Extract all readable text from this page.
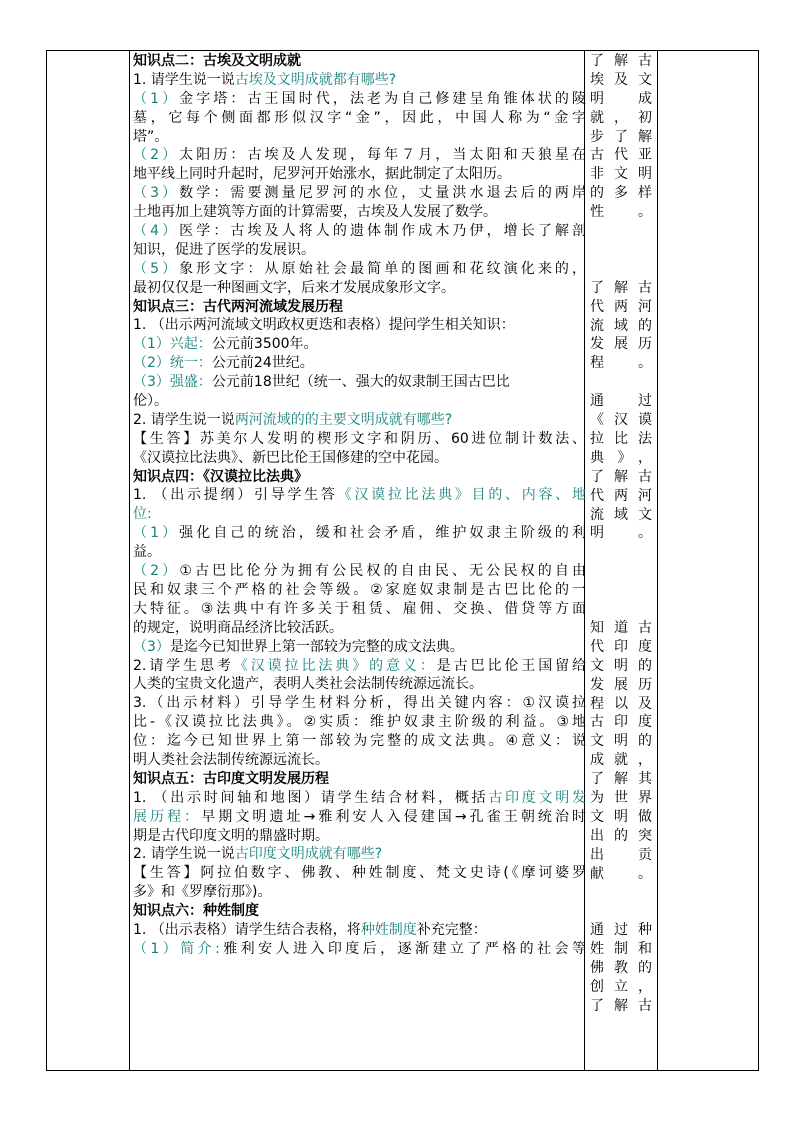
知识点二：古埃及文明成就
1. 请学生说一说古埃及文明成就都有哪些?
（1）金字塔：古王国时代，法老为自己修建呈角锥体状的陵
墓，它每个侧面都形似汉字“金”，因此，中国人称为“金字
塔”。
（2）太阳历：古埃及人发现，每年７月，当太阳和天狼星在
地平线上同时升起时，尼罗河开始涨水，据此制定了太阳历。
（3）数学：需要测量尼罗河的水位，丈量洪水退去后的两岸
土地再加上建筑等方面的计算需要，古埃及人发展了数学。
（4）医学：古埃及人将人的遗体制作成木乃伊，增长了解剖
知识，促进了医学的发展识。
（5）象形文字：从原始社会最简单的图画和花纹演化来的，
最初仅仅是一种图画文字，后来才发展成象形文字。
知识点三：古代两河流域发展历程
1. （出示两河流域文明政权更迭和表格）提问学生相关知识：
（1）兴起：公元前3500年。
（2）统一：公元前24世纪。
（3）强盛：公元前18世纪（统一、强大的奴隶制王国古巴比
伦）。
2. 请学生说一说两河流域的的主要文明成就有哪些?
【生答】苏美尔人发明的楔形文字和阴历、60进位制计数法、
《汉谟拉比法典》、新巴比伦王国修建的空中花园。
知识点四：《汉谟拉比法典》
1. （出示提纲）引导学生答《汉谟拉比法典》目的、内容、地
位:
（1）强化自己的统治，缓和社会矛盾，维护奴隶主阶级的利
益。
（2）①古巴比伦分为拥有公民权的自由民、无公民权的自由
民和奴隶三个严格的社会等级。②家庭奴隶制是古巴比伦的一
大特征。③法典中有许多关于租赁、雇佣、交换、借贷等方面
的规定，说明商品经济比较活跃。
（3）是迄今已知世界上第一部较为完整的成文法典。
2.请学生思考《汉谟拉比法典》的意义：是古巴比伦王国留给
人类的宝贵文化遗产，表明人类社会法制传统源远流长。
3.（出示材料）引导学生材料分析，得出关键内容：①汉谟拉
比-《汉谟拉比法典》。②实质：维护奴隶主阶级的利益。③地
位：迄今已知世界上第一部较为完整的成文法典。④意义：说
明人类社会法制传统源远流长。
知识点五：古印度文明发展历程
1. （出示时间轴和地图）请学生结合材料，概括古印度文明发
展历程：早期文明遗址→雅利安人入侵建国→孔雀王朝统治时
期是古代印度文明的鼎盛时期。
2. 请学生说一说古印度文明成就有哪些?
【生答】阿拉伯数字、佛教、种姓制度、梵文史诗(《摩诃婆罗
多》和《罗摩衍那》)。
知识点六：种姓制度
1. （出示表格）请学生结合表格，将种姓制度补充完整：
（1）简介:雅利安人进入印度后，逐渐建立了严格的社会等
了解古
埃及文
明　成
就，初
步了解
古代亚
非文明
的多样
性。
了解古
代两河
流域的
发展历
程。
通　过
《汉谟
拉比法
典》，
了解古
代两河
流域文
明。
知道古
代印度
文明的
发展历
程以及
古印度
文明的
成就，
了解其
为世界
文明做
出的突
出　贡
献。
通过种
姓制和
佛教的
创立，
了解古
